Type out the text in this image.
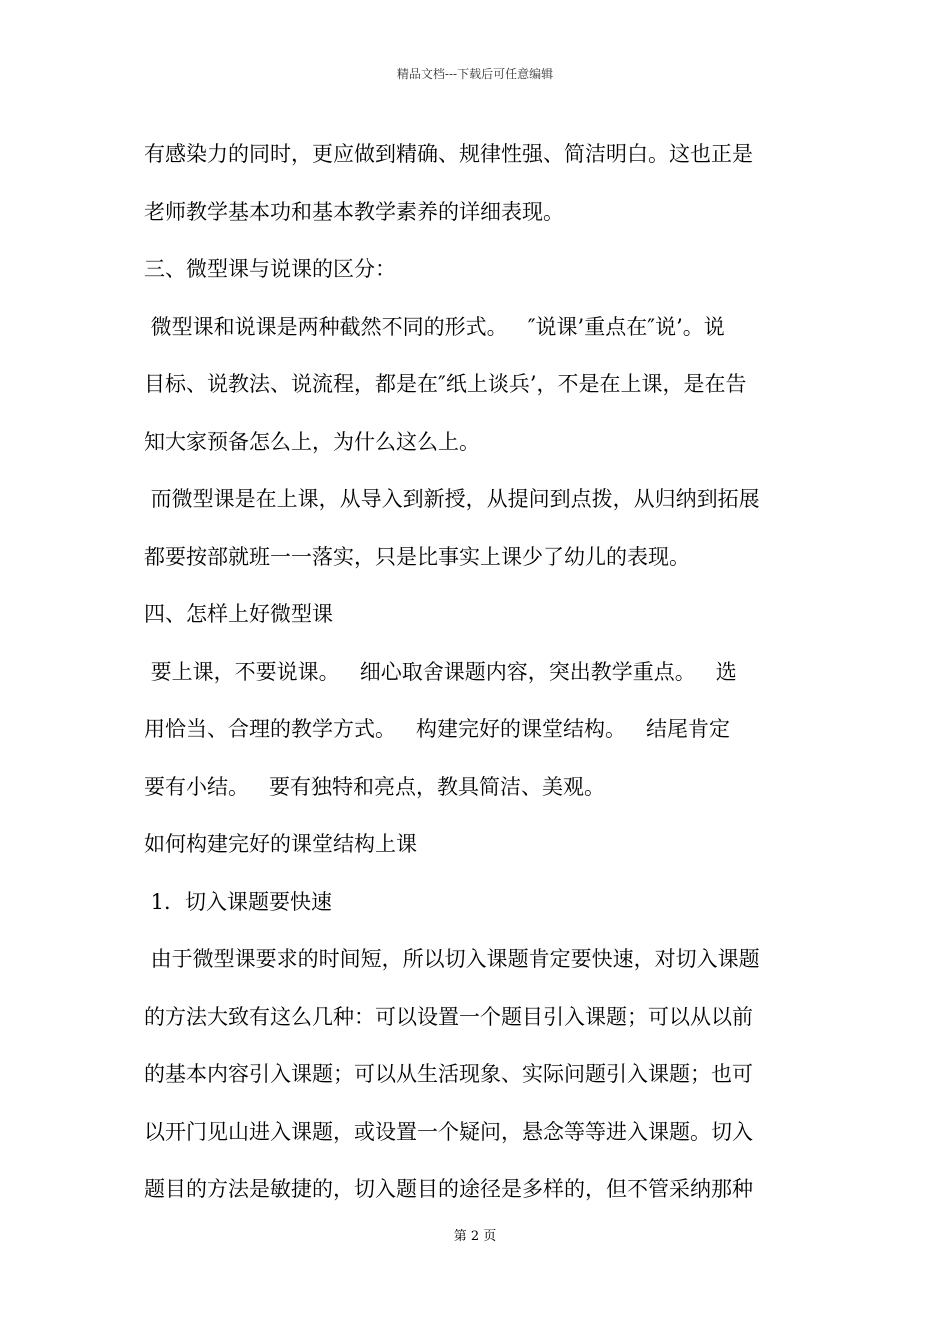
精品文档---下载后可任意编辑
有感染力的同时，更应做到精确、规律性强、简洁明白。这也正是
老师教学基本功和基本教学素养的详细表现。
三、微型课与说课的区分：
微型课和说课是两种截然不同的形式。   ″说课’重点在″说’。说
目标、说教法、说流程，都是在″纸上谈兵’，不是在上课，是在告
知大家预备怎么上，为什么这么上。
而微型课是在上课，从导入到新授，从提问到点拨，从归纳到拓展
都要按部就班一一落实，只是比事实上课少了幼儿的表现。
四、怎样上好微型课
要上课，不要说课。   细心取舍课题内容，突出教学重点。   选
用恰当、合理的教学方式。   构建完好的课堂结构。   结尾肯定
要有小结。   要有独特和亮点，教具简洁、美观。
如何构建完好的课堂结构上课
1．切入课题要快速
由于微型课要求的时间短，所以切入课题肯定要快速，对切入课题
的方法大致有这么几种：可以设置一个题目引入课题；可以从以前
的基本内容引入课题；可以从生活现象、实际问题引入课题；也可
以开门见山进入课题，或设置一个疑问，悬念等等进入课题。切入
题目的方法是敏捷的，切入题目的途径是多样的，但不管采纳那种
第 2 页
